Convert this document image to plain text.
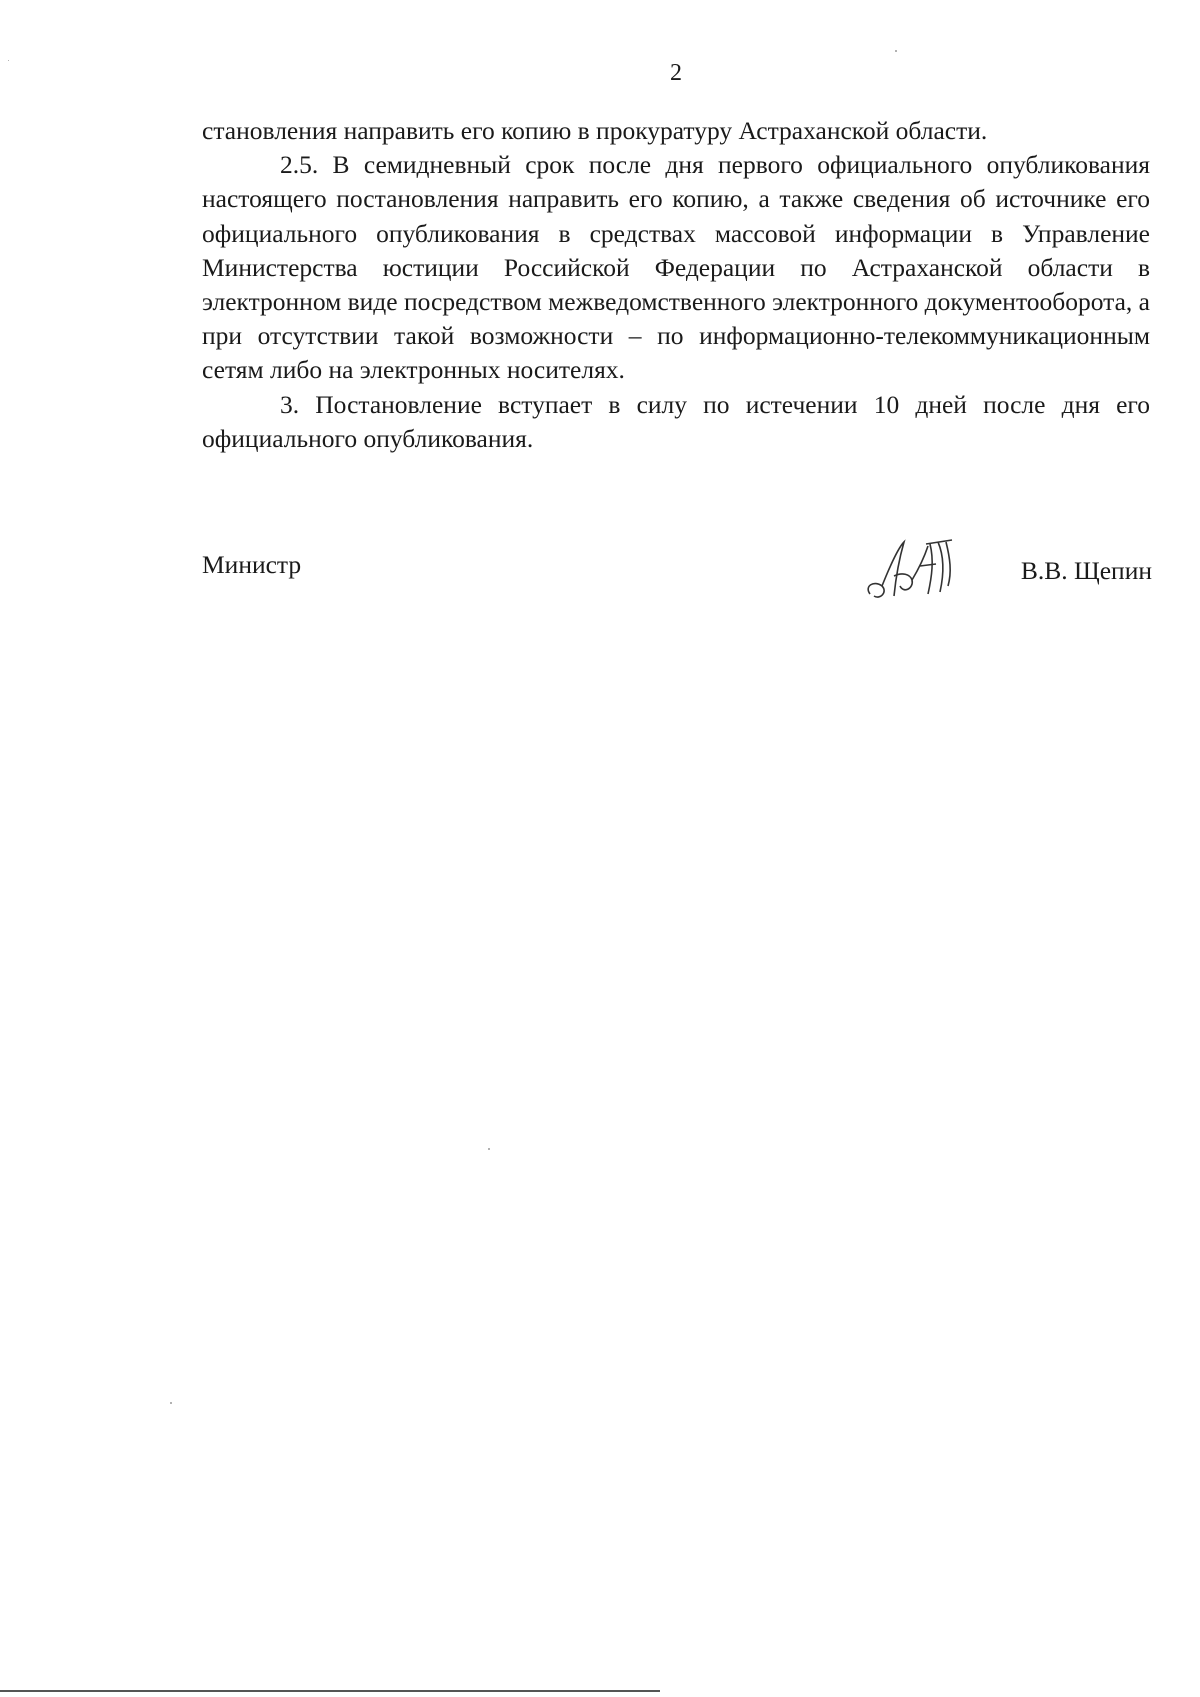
2

становления направить его копию в прокуратуру Астраханской области.

2.5. В семидневный срок после дня первого официального опубликования настоящего постановления направить его копию, а также сведения об источнике его официального опубликования в средствах массовой информации в Управление Министерства юстиции Российской Федерации по Астраханской области в электронном виде посредством межведомственного электронного документооборота, а при отсутствии такой возможности – по информационно-телекоммуникационным сетям либо на электронных носителях.

3. Постановление вступает в силу по истечении 10 дней после дня его официального опубликования.

Министр	В.В. Щепин
